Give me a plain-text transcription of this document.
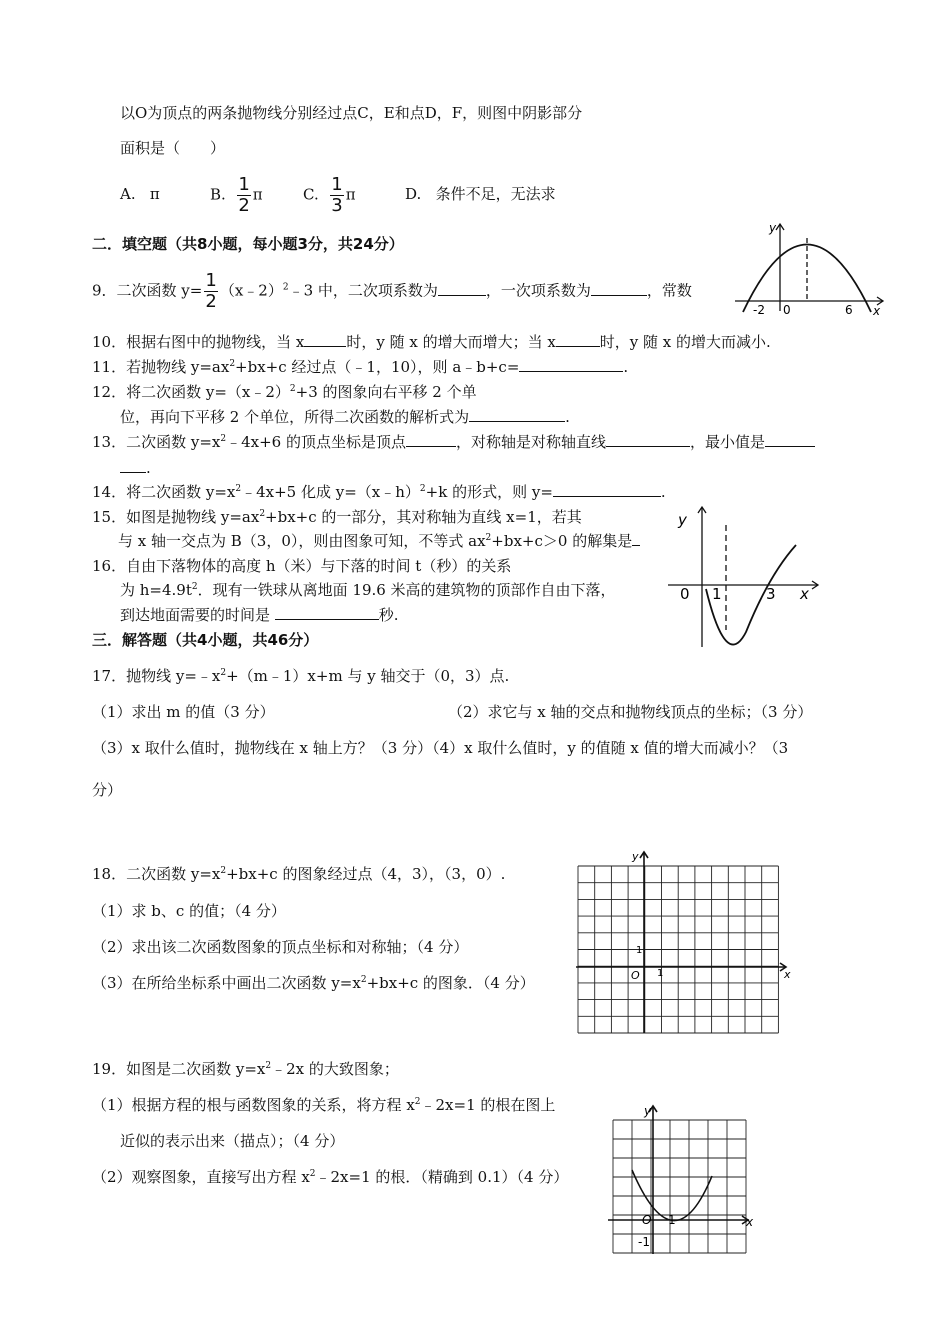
以O为顶点的两条抛物线分别经过点C，E和点D，F，则图中阴影部分
面积是（　　）
A. π	B. $\frac{1}{2}$ π	C. $\frac{1}{3}$ π	D. 条件不足，无法求
二．填空题（共8小题，每小题3分，共24分）
9．二次函数 $y= \frac{1}{2}$ （x﹣2）$^2$﹣3 中，二次项系数为	，一次项系数为	，常数
y
x
-2 0	6
10．根据右图中的抛物线，当 x	时，y 随 x 的增大而增大；当 x	时，y 随 x 的增大而减小.
11．若抛物线 $y=ax^2+bx+c$ 经过点（﹣1，10），则 a﹣b+c=	.
12．将二次函数 y=（x﹣2）$^2$+3 的图象向右平移 2 个单
位，再向下平移 2 个单位，所得二次函数的解析式为	.
13．二次函数 $y=x^2﹣4x+6$ 的顶点坐标是顶点	，对称轴是对称轴直线	，最小值是
.
14．将二次函数 $y=x^2﹣4x+5$ 化成 y=（x﹣h）$^2$+k 的形式，则 y=	.
15．如图是抛物线 $y=ax^2+bx+c$ 的一部分，其对称轴为直线 x=1，若其
与 x 轴一交点为 B（3，0），则由图象可知，不等式 $ax^2+bx+c>0$ 的解集是
y
x
0 1	3
16．自由下落物体的高度 h（米）与下落的时间 t（秒）的关系
为 $h=4.9t^2$．现有一铁球从离地面 19.6 米高的建筑物的顶部作自由下落，
到达地面需要的时间是	秒.
三．解答题（共4小题，共46分）
17．抛物线 $y=﹣x^2+(m﹣1)x+m$ 与 y 轴交于（0，3）点.
（1）求出 m 的值（3 分）	（2）求它与 x 轴的交点和抛物线顶点的坐标；（3 分）
（3）x 取什么值时，抛物线在 x 轴上方？（3 分）（4）x 取什么值时，y 的值随 x 值的增大而减小？（3
分）
18．二次函数 $y=x^2+bx+c$ 的图象经过点（4，3），（3，0）.
（1）求 b、c 的值；（4 分）
（2）求出该二次函数图象的顶点坐标和对称轴；（4 分）
（3）在所给坐标系中画出二次函数 $y=x^2+bx+c$ 的图象．（4 分）
y
x
O 1
1
19．如图是二次函数 $y=x^2﹣2x$ 的大致图象；
（1）根据方程的根与函数图象的关系，将方程 $x^2﹣2x=1$ 的根在图上
近似的表示出来（描点）；（4 分）
（2）观察图象，直接写出方程 $x^2﹣2x=1$ 的根．（精确到 0.1）（4 分）
y
x
O 1
-1
